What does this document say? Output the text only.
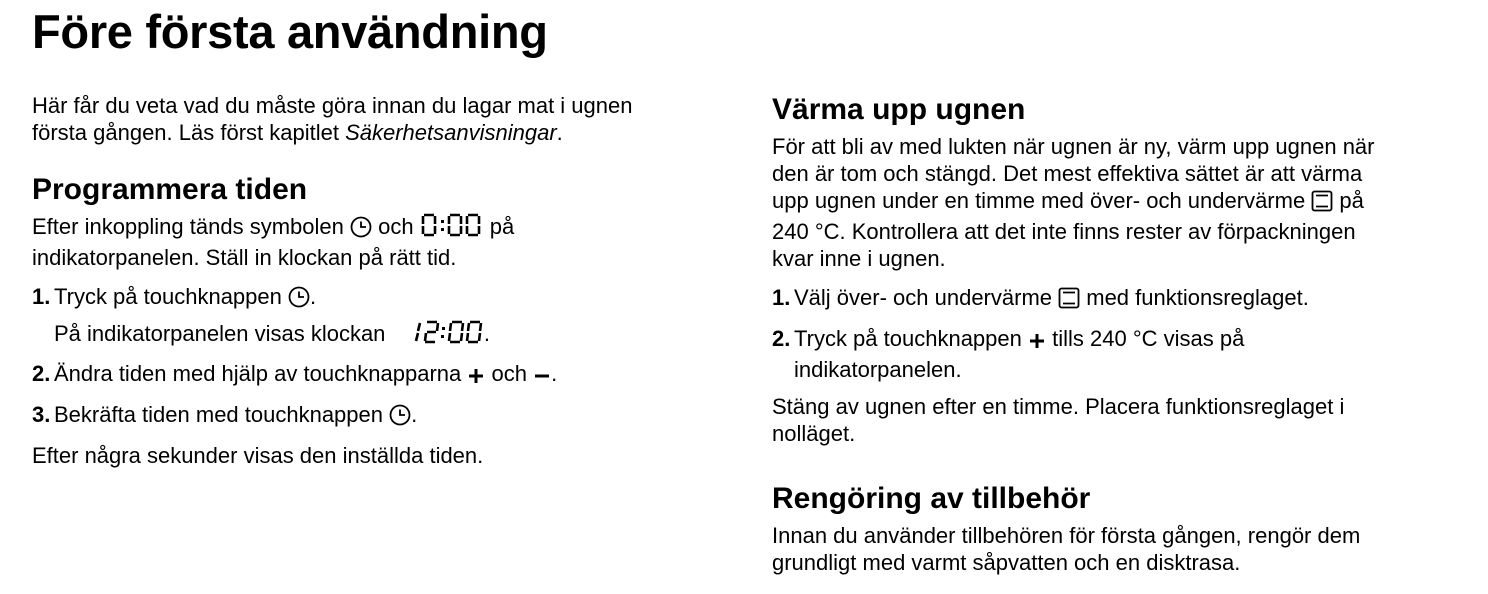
Före första användning

Här får du veta vad du måste göra innan du lagar mat i ugnen
första gången. Läs först kapitlet Säkerhetsanvisningar.

Programmera tiden

Efter inkoppling tänds symbolen  och	på
indikatorpanelen. Ställ in klockan på rätt tid.

1. Tryck på touchknappen .
På indikatorpanelen visas klockan	.
2. Ändra tiden med hjälp av touchknapparna  och .
3. Bekräfta tiden med touchknappen .

Efter några sekunder visas den inställda tiden.

Värma upp ugnen

För att bli av med lukten när ugnen är ny, värm upp ugnen när
den är tom och stängd. Det mest effektiva sättet är att värma
upp ugnen under en timme med över- och undervärme  på
240 °C. Kontrollera att det inte finns rester av förpackningen
kvar inne i ugnen.

1. Välj över- och undervärme  med funktionsreglaget.
2. Tryck på touchknappen  tills 240 °C visas på
indikatorpanelen.

Stäng av ugnen efter en timme. Placera funktionsreglaget i
nolläget.

Rengöring av tillbehör

Innan du använder tillbehören för första gången, rengör dem
grundligt med varmt såpvatten och en disktrasa.
